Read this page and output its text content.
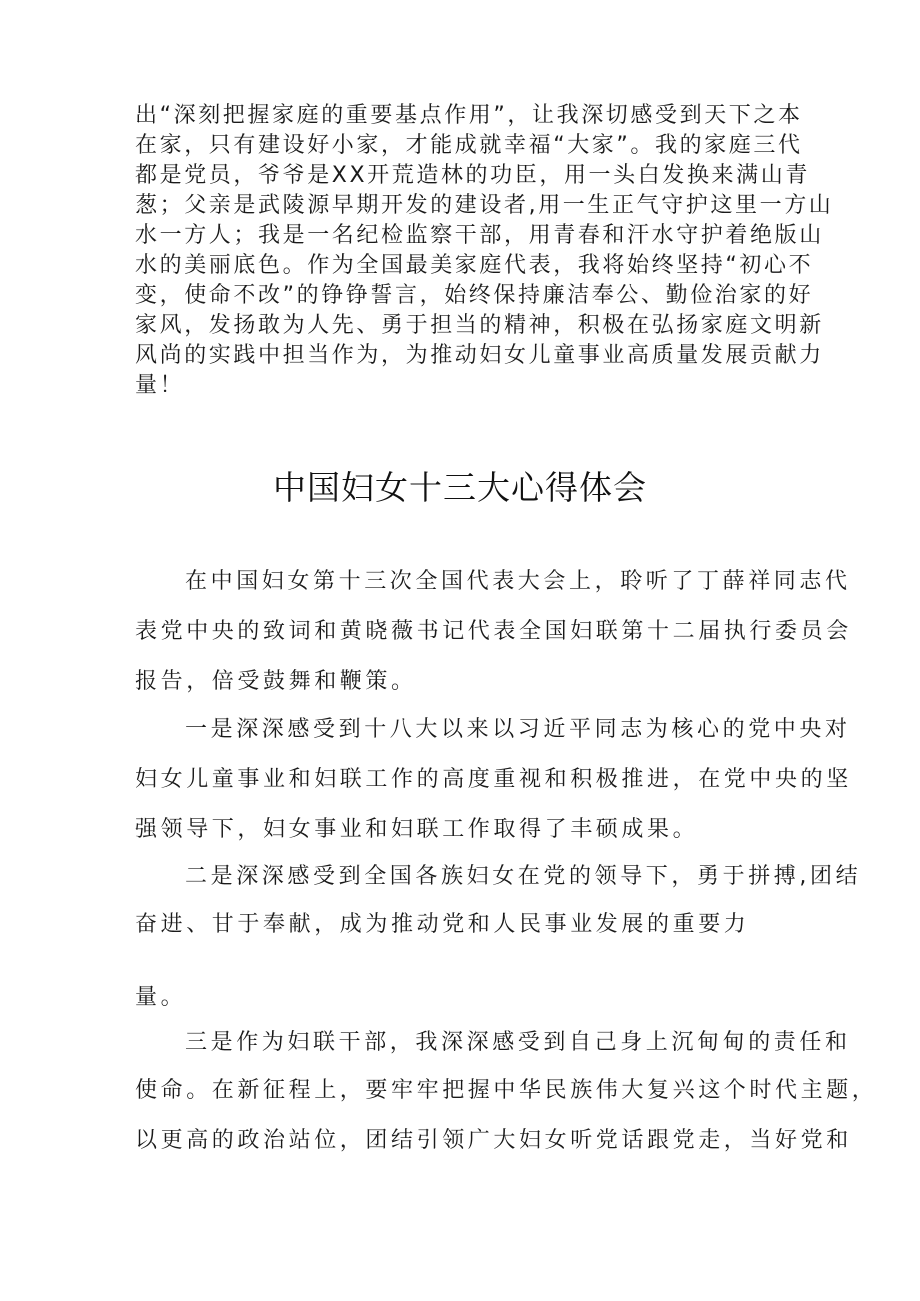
出“深刻把握家庭的重要基点作用”，让我深切感受到天下之本
在家，只有建设好小家，才能成就幸福“大家”。我的家庭三代
都是党员，爷爷是XX开荒造林的功臣，用一头白发换来满山青
葱；父亲是武陵源早期开发的建设者,用一生正气守护这里一方山
水一方人；我是一名纪检监察干部，用青春和汗水守护着绝版山
水的美丽底色。作为全国最美家庭代表，我将始终坚持“初心不
变，使命不改”的铮铮誓言，始终保持廉洁奉公、勤俭治家的好
家风，发扬敢为人先、勇于担当的精神，积极在弘扬家庭文明新
风尚的实践中担当作为，为推动妇女儿童事业高质量发展贡献力
量！
中国妇女十三大心得体会
在中国妇女第十三次全国代表大会上，聆听了丁薛祥同志代
表党中央的致词和黄晓薇书记代表全国妇联第十二届执行委员会
报告，倍受鼓舞和鞭策。
一是深深感受到十八大以来以习近平同志为核心的党中央对
妇女儿童事业和妇联工作的高度重视和积极推进，在党中央的坚
强领导下，妇女事业和妇联工作取得了丰硕成果。
二是深深感受到全国各族妇女在党的领导下，勇于拼搏,团结
奋进、甘于奉献，成为推动党和人民事业发展的重要力
量。
三是作为妇联干部，我深深感受到自己身上沉甸甸的责任和
使命。在新征程上，要牢牢把握中华民族伟大复兴这个时代主题，
以更高的政治站位，团结引领广大妇女听党话跟党走，当好党和
